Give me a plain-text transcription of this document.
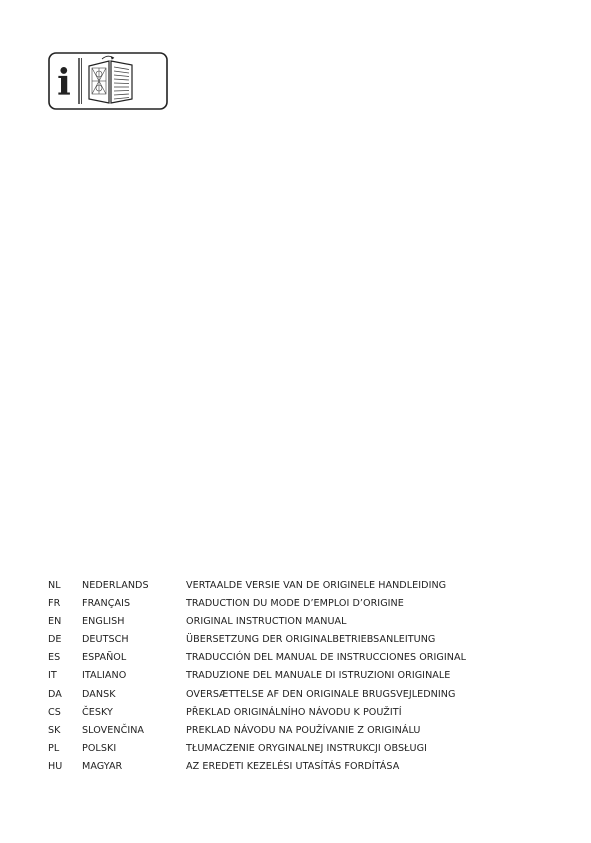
i
NL	NEDERLANDS	VERTAALDE VERSIE VAN DE ORIGINELE HANDLEIDING
FR	FRANÇAIS	TRADUCTION DU MODE D’EMPLOI D’ORIGINE
EN	ENGLISH	ORIGINAL INSTRUCTION MANUAL
DE	DEUTSCH	ÜBERSETZUNG DER ORIGINALBETRIEBSANLEITUNG
ES	ESPAÑOL	TRADUCCIÓN DEL MANUAL DE INSTRUCCIONES ORIGINAL
IT	ITALIANO	TRADUZIONE DEL MANUALE DI ISTRUZIONI ORIGINALE
DA	DANSK	OVERSÆTTELSE AF DEN ORIGINALE BRUGSVEJLEDNING
CS	ČESKY	PŘEKLAD ORIGINÁLNÍHO NÁVODU K POUŽITÍ
SK	SLOVENČINA	PREKLAD NÁVODU NA POUŽÍVANIE Z ORIGINÁLU
PL	POLSKI	TŁUMACZENIE ORYGINALNEJ INSTRUKCJI OBSŁUGI
HU	MAGYAR	AZ EREDETI KEZELÉSI UTASÍTÁS FORDÍTÁSA
